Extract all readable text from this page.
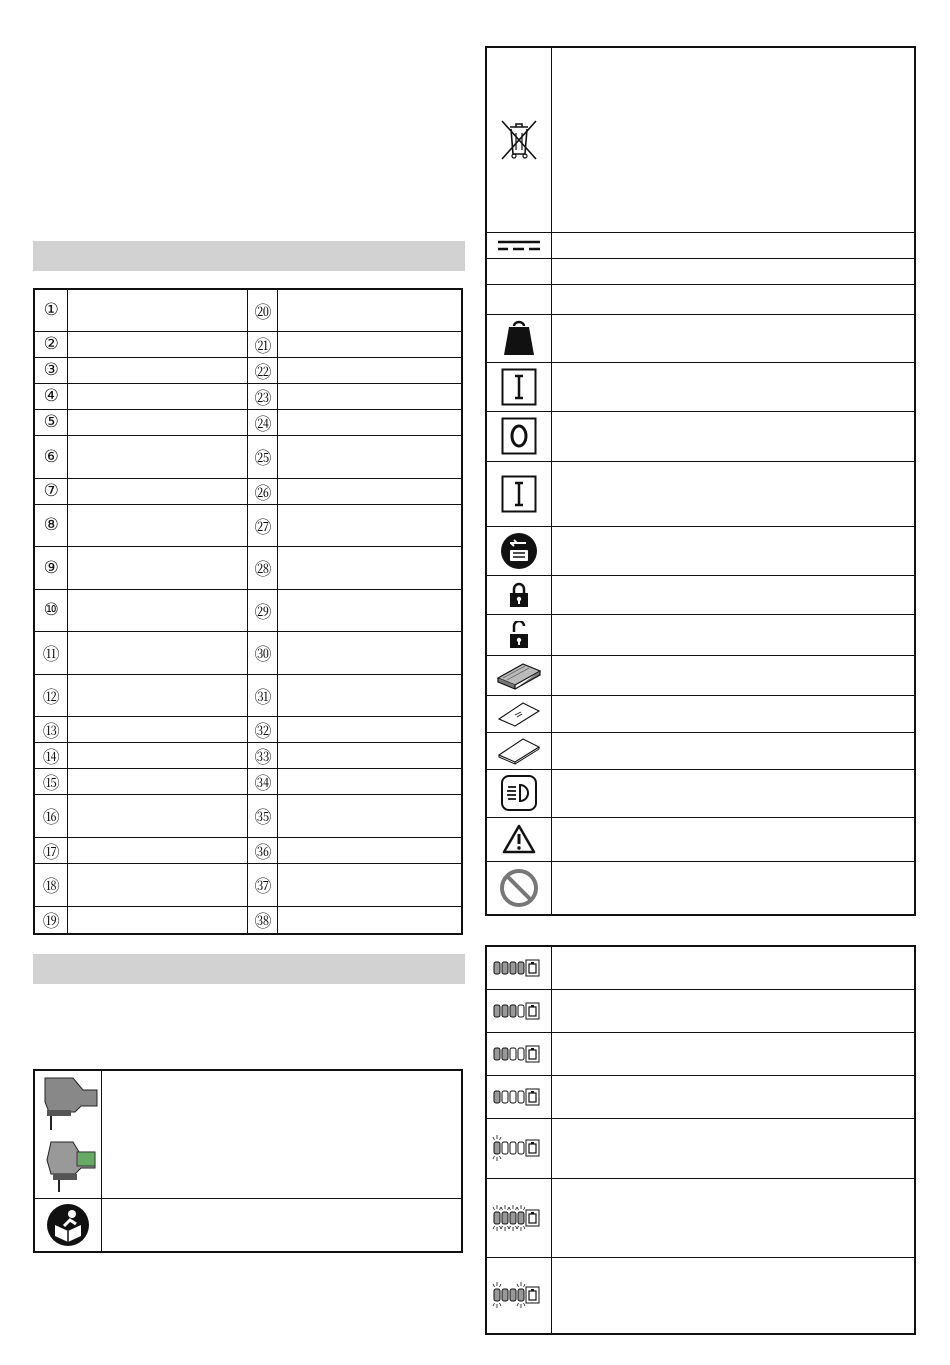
①		⑳	
②		㉑	
③		㉒	
④		㉓	
⑤		㉔	
⑥		㉕	
⑦		㉖	
⑧		㉗	
⑨		㉘	
⑩		㉙	
⑪		㉚	
⑫		㉛	
⑬		㉜	
⑭		㉝	
⑮		㉞	
⑯		㉟	
⑰		㊱	
⑱		㊲	
⑲		㊳	
